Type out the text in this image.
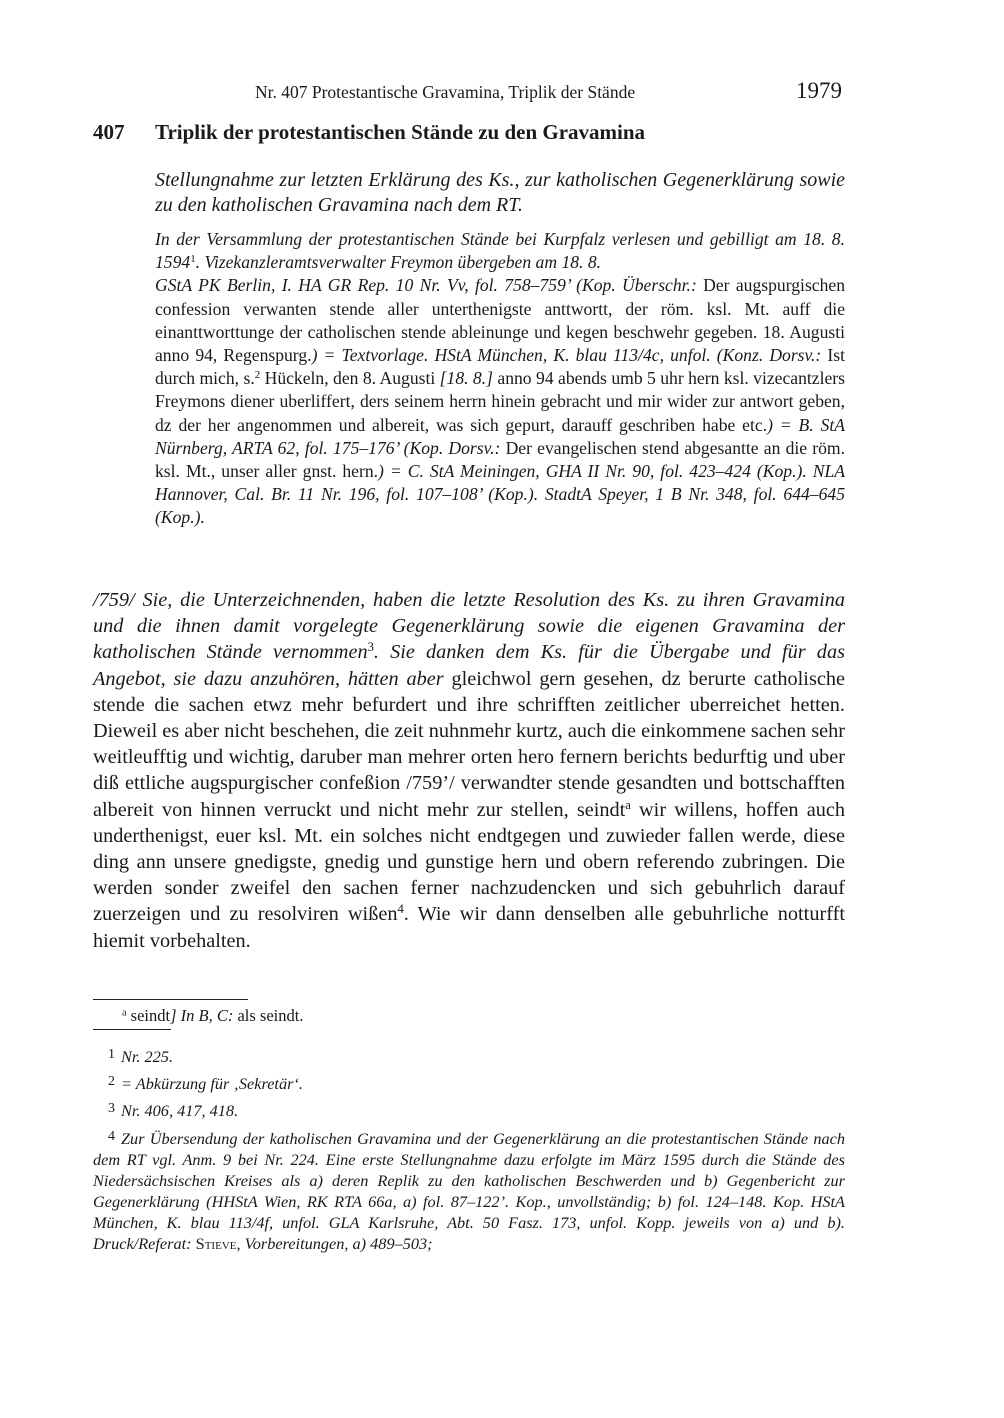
Nr. 407 Protestantische Gravamina, Triplik der Stände	1979
407 Triplik der protestantischen Stände zu den Gravamina
Stellungnahme zur letzten Erklärung des Ks., zur katholischen Gegenerklärung sowie zu den katholischen Gravamina nach dem RT.
In der Versammlung der protestantischen Stände bei Kurpfalz verlesen und gebilligt am 18. 8. 1594$^1$. Vizekanzleramtsverwalter Freymon übergeben am 18. 8.
GStA PK Berlin, I. HA GR Rep. 10 Nr. Vv, fol. 758–759’ (Kop. Überschr.: Der augspurgischen confession verwanten stende aller unterthenigste anttwortt, der röm. ksl. Mt. auff die einanttworttunge der catholischen stende ableinunge und kegen beschwehr gegeben. 18. Augusti anno 94, Regenspurg.) = Textvorlage. HStA München, K. blau 113/4c, unfol. (Konz. Dorsv.: Ist durch mich, s.$^2$ Hückeln, den 8. Augusti [18. 8.] anno 94 abends umb 5 uhr hern ksl. vizecantzlers Freymons diener uberliffert, ders seinem herrn hinein gebracht und mir wider zur antwort geben, dz der her angenommen und albereit, was sich gepurt, darauff geschriben habe etc.) = B. StA Nürnberg, ARTA 62, fol. 175–176’ (Kop. Dorsv.: Der evangelischen stend abgesantte an die röm. ksl. Mt., unser aller gnst. hern.) = C. StA Meiningen, GHA II Nr. 90, fol. 423–424 (Kop.). NLA Hannover, Cal. Br. 11 Nr. 196, fol. 107–108’ (Kop.). StadtA Speyer, 1 B Nr. 348, fol. 644–645 (Kop.).
/759/ Sie, die Unterzeichnenden, haben die letzte Resolution des Ks. zu ihren Gravamina und die ihnen damit vorgelegte Gegenerklärung sowie die eigenen Gravamina der katholischen Stände vernommen$^3$. Sie danken dem Ks. für die Übergabe und für das Angebot, sie dazu anzuhören, hätten aber gleichwol gern gesehen, dz berurte catholische stende die sachen etwz mehr befurdert und ihre schrifften zeitlicher uberreichet hetten. Dieweil es aber nicht beschehen, die zeit nuhnmehr kurtz, auch die einkommene sachen sehr weitleufftig und wichtig, daruber man mehrer orten hero fernern berichts bedurftig und uber diß ettliche augspurgischer confeßion /759’/ verwandter stende gesandten und bottschafften albereit von hinnen verruckt und nicht mehr zur stellen, seindt$^a$ wir willens, hoffen auch underthenigst, euer ksl. Mt. ein solches nicht endtgegen und zuwieder fallen werde, diese ding ann unsere gnedigste, gnedig und gunstige hern und obern referendo zubringen. Die werden sonder zweifel den sachen ferner nachzudencken und sich gebuhrlich darauf zuerzeigen und zu resolviren wißen$^4$. Wie wir dann denselben alle gebuhrliche notturfft hiemit vorbehalten.
$^a$ seindt] In B, C: als seindt.
1 Nr. 225.
2 = Abkürzung für ‚Sekretär‘.
3 Nr. 406, 417, 418.
4 Zur Übersendung der katholischen Gravamina und der Gegenerklärung an die protestantischen Stände nach dem RT vgl. Anm. 9 bei Nr. 224. Eine erste Stellungnahme dazu erfolgte im März 1595 durch die Stände des Niedersächsischen Kreises als a) deren Replik zu den katholischen Beschwerden und b) Gegenbericht zur Gegenerklärung (HHStA Wien, RK RTA 66a, a) fol. 87–122’. Kop., unvollständig; b) fol. 124–148. Kop. HStA München, K. blau 113/4f, unfol. GLA Karlsruhe, Abt. 50 Fasz. 173, unfol. Kopp. jeweils von a) und b). Druck/Referat: Stieve, Vorbereitungen, a) 489–503;
